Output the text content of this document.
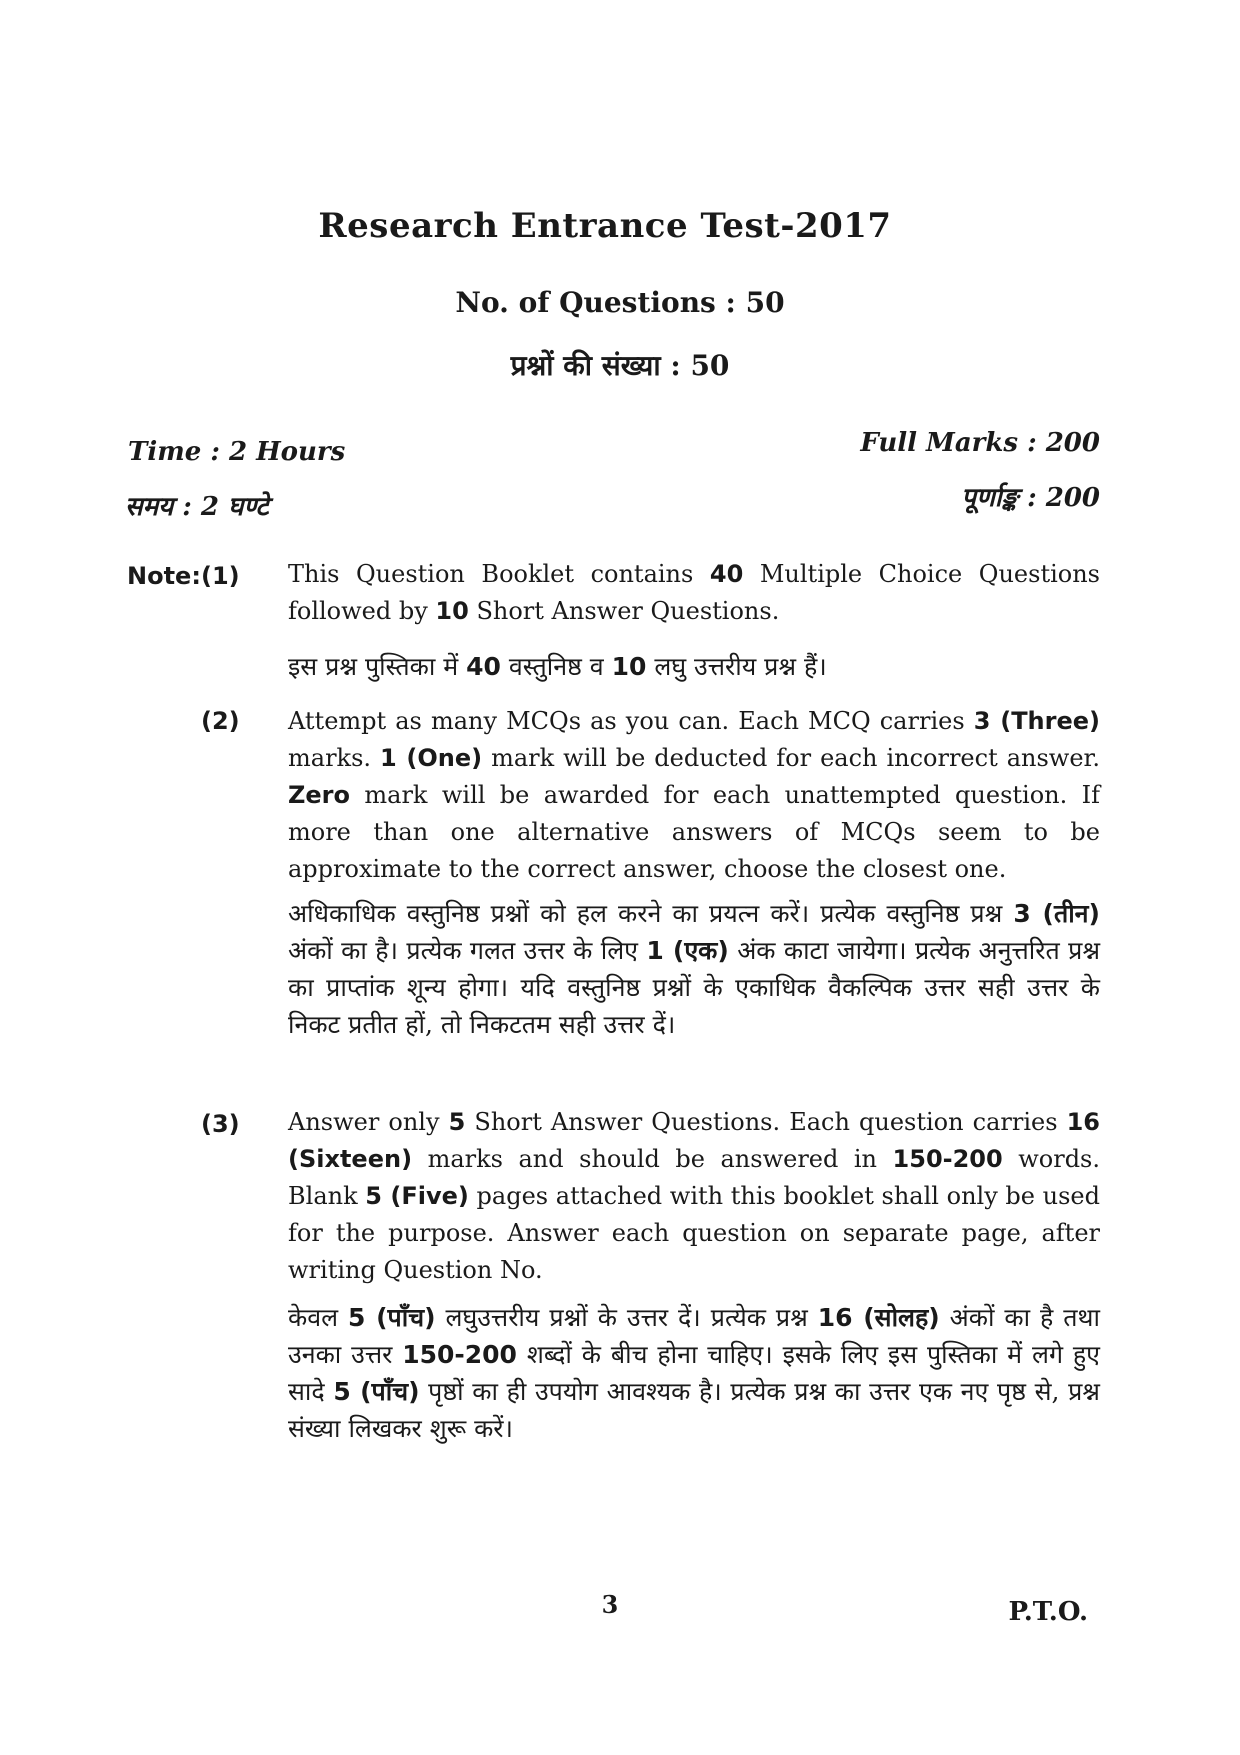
Research Entrance Test-2017
No. of Questions : 50
प्रश्नों की संख्या : 50
Time : 2 Hours
समय : 2 घण्टे
Full Marks : 200
पूर्णाङ्क : 200
Note: (1) This Question Booklet contains 40 Multiple Choice Questions followed by 10 Short Answer Questions.
इस प्रश्न पुस्तिका में 40 वस्तुनिष्ठ व 10 लघु उत्तरीय प्रश्न हैं।
(2) Attempt as many MCQs as you can. Each MCQ carries 3 (Three) marks. 1 (One) mark will be deducted for each incorrect answer. Zero mark will be awarded for each unattempted question. If more than one alternative answers of MCQs seem to be approximate to the correct answer, choose the closest one.
अधिकाधिक वस्तुनिष्ठ प्रश्नों को हल करने का प्रयत्न करें। प्रत्येक वस्तुनिष्ठ प्रश्न 3 (तीन) अंकों का है। प्रत्येक गलत उत्तर के लिए 1 (एक) अंक काटा जायेगा। प्रत्येक अनुत्तरित प्रश्न का प्राप्तांक शून्य होगा। यदि वस्तुनिष्ठ प्रश्नों के एकाधिक वैकल्पिक उत्तर सही उत्तर के निकट प्रतीत हों, तो निकटतम सही उत्तर दें।
(3) Answer only 5 Short Answer Questions. Each question carries 16 (Sixteen) marks and should be answered in 150-200 words. Blank 5 (Five) pages attached with this booklet shall only be used for the purpose. Answer each question on separate page, after writing Question No.
केवल 5 (पाँच) लघुउत्तरीय प्रश्नों के उत्तर दें। प्रत्येक प्रश्न 16 (सोलह) अंकों का है तथा उनका उत्तर 150-200 शब्दों के बीच होना चाहिए। इसके लिए इस पुस्तिका में लगे हुए सादे 5 (पाँच) पृष्ठों का ही उपयोग आवश्यक है। प्रत्येक प्रश्न का उत्तर एक नए पृष्ठ से, प्रश्न संख्या लिखकर शुरू करें।
3	P.T.O.
